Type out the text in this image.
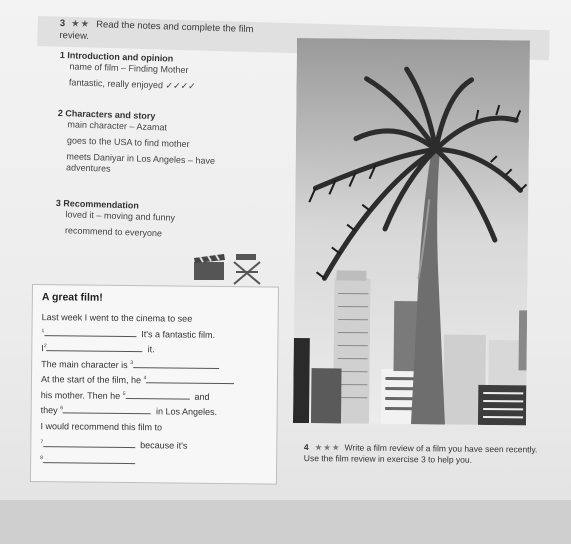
3 ★★ Read the notes and complete the film review.
1 Introduction and opinion
name of film – Finding Mother
fantastic, really enjoyed ✓✓✓✓
2 Characters and story
main character – Azamat
goes to the USA to find mother
meets Daniyar in Los Angeles – have adventures
3 Recommendation
loved it – moving and funny
recommend to everyone
A great film!
Last week I went to the cinema to see
$^1$	It's a fantastic film.
$I^2$	it.
The main character is $^3$
At the start of the film, he $^4$
his mother. Then he $^5$	and
they $^6$	in Los Angeles.
I would recommend this film to
$^7$	because it's
$^8$
4 ★★★ Write a film review of a film you have seen recently. Use the film review in exercise 3 to help you.
